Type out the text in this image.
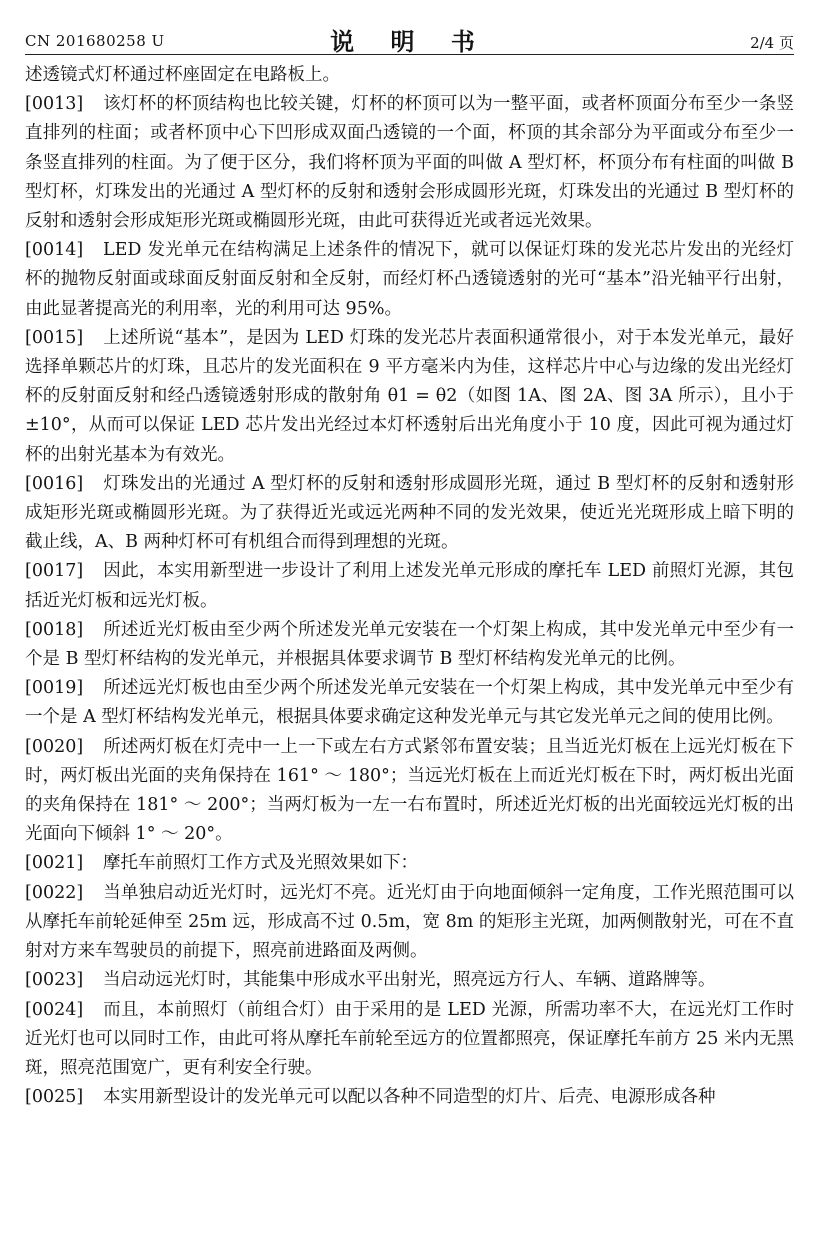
CN 201680258 U	说 明 书	2/4 页

述透镜式灯杯通过杯座固定在电路板上。

[0013] 该灯杯的杯顶结构也比较关键，灯杯的杯顶可以为一整平面，或者杯顶面分布至少一条竖直排列的柱面；或者杯顶中心下凹形成双面凸透镜的一个面，杯顶的其余部分为平面或分布至少一条竖直排列的柱面。为了便于区分，我们将杯顶为平面的叫做 A 型灯杯，杯顶分布有柱面的叫做 B 型灯杯，灯珠发出的光通过 A 型灯杯的反射和透射会形成圆形光斑，灯珠发出的光通过 B 型灯杯的反射和透射会形成矩形光斑或椭圆形光斑，由此可获得近光或者远光效果。

[0014] LED 发光单元在结构满足上述条件的情况下，就可以保证灯珠的发光芯片发出的光经灯杯的抛物反射面或球面反射面反射和全反射，而经灯杯凸透镜透射的光可“基本”沿光轴平行出射，由此显著提高光的利用率，光的利用可达 95%。

[0015] 上述所说“基本”，是因为 LED 灯珠的发光芯片表面积通常很小，对于本发光单元，最好选择单颗芯片的灯珠，且芯片的发光面积在 9 平方毫米内为佳，这样芯片中心与边缘的发出光经灯杯的反射面反射和经凸透镜透射形成的散射角 θ1 = θ2（如图 1A、图 2A、图 3A 所示），且小于 ±10°，从而可以保证 LED 芯片发出光经过本灯杯透射后出光角度小于 10 度，因此可视为通过灯杯的出射光基本为有效光。

[0016] 灯珠发出的光通过 A 型灯杯的反射和透射形成圆形光斑，通过 B 型灯杯的反射和透射形成矩形光斑或椭圆形光斑。为了获得近光或远光两种不同的发光效果，使近光光斑形成上暗下明的截止线，A、B 两种灯杯可有机组合而得到理想的光斑。

[0017] 因此，本实用新型进一步设计了利用上述发光单元形成的摩托车 LED 前照灯光源，其包括近光灯板和远光灯板。

[0018] 所述近光灯板由至少两个所述发光单元安装在一个灯架上构成，其中发光单元中至少有一个是 B 型灯杯结构的发光单元，并根据具体要求调节 B 型灯杯结构发光单元的比例。

[0019] 所述远光灯板也由至少两个所述发光单元安装在一个灯架上构成，其中发光单元中至少有一个是 A 型灯杯结构发光单元，根据具体要求确定这种发光单元与其它发光单元之间的使用比例。

[0020] 所述两灯板在灯壳中一上一下或左右方式紧邻布置安装；且当近光灯板在上远光灯板在下时，两灯板出光面的夹角保持在 161° ～ 180°；当远光灯板在上而近光灯板在下时，两灯板出光面的夹角保持在 181° ～ 200°；当两灯板为一左一右布置时，所述近光灯板的出光面较远光灯板的出光面向下倾斜 1° ～ 20°。

[0021] 摩托车前照灯工作方式及光照效果如下：

[0022] 当单独启动近光灯时，远光灯不亮。近光灯由于向地面倾斜一定角度，工作光照范围可以从摩托车前轮延伸至 25m 远，形成高不过 0.5m，宽 8m 的矩形主光斑，加两侧散射光，可在不直射对方来车驾驶员的前提下，照亮前进路面及两侧。

[0023] 当启动远光灯时，其能集中形成水平出射光，照亮远方行人、车辆、道路牌等。

[0024] 而且，本前照灯（前组合灯）由于采用的是 LED 光源，所需功率不大，在远光灯工作时近光灯也可以同时工作，由此可将从摩托车前轮至远方的位置都照亮，保证摩托车前方 25 米内无黑斑，照亮范围宽广，更有利安全行驶。

[0025] 本实用新型设计的发光单元可以配以各种不同造型的灯片、后壳、电源形成各种
